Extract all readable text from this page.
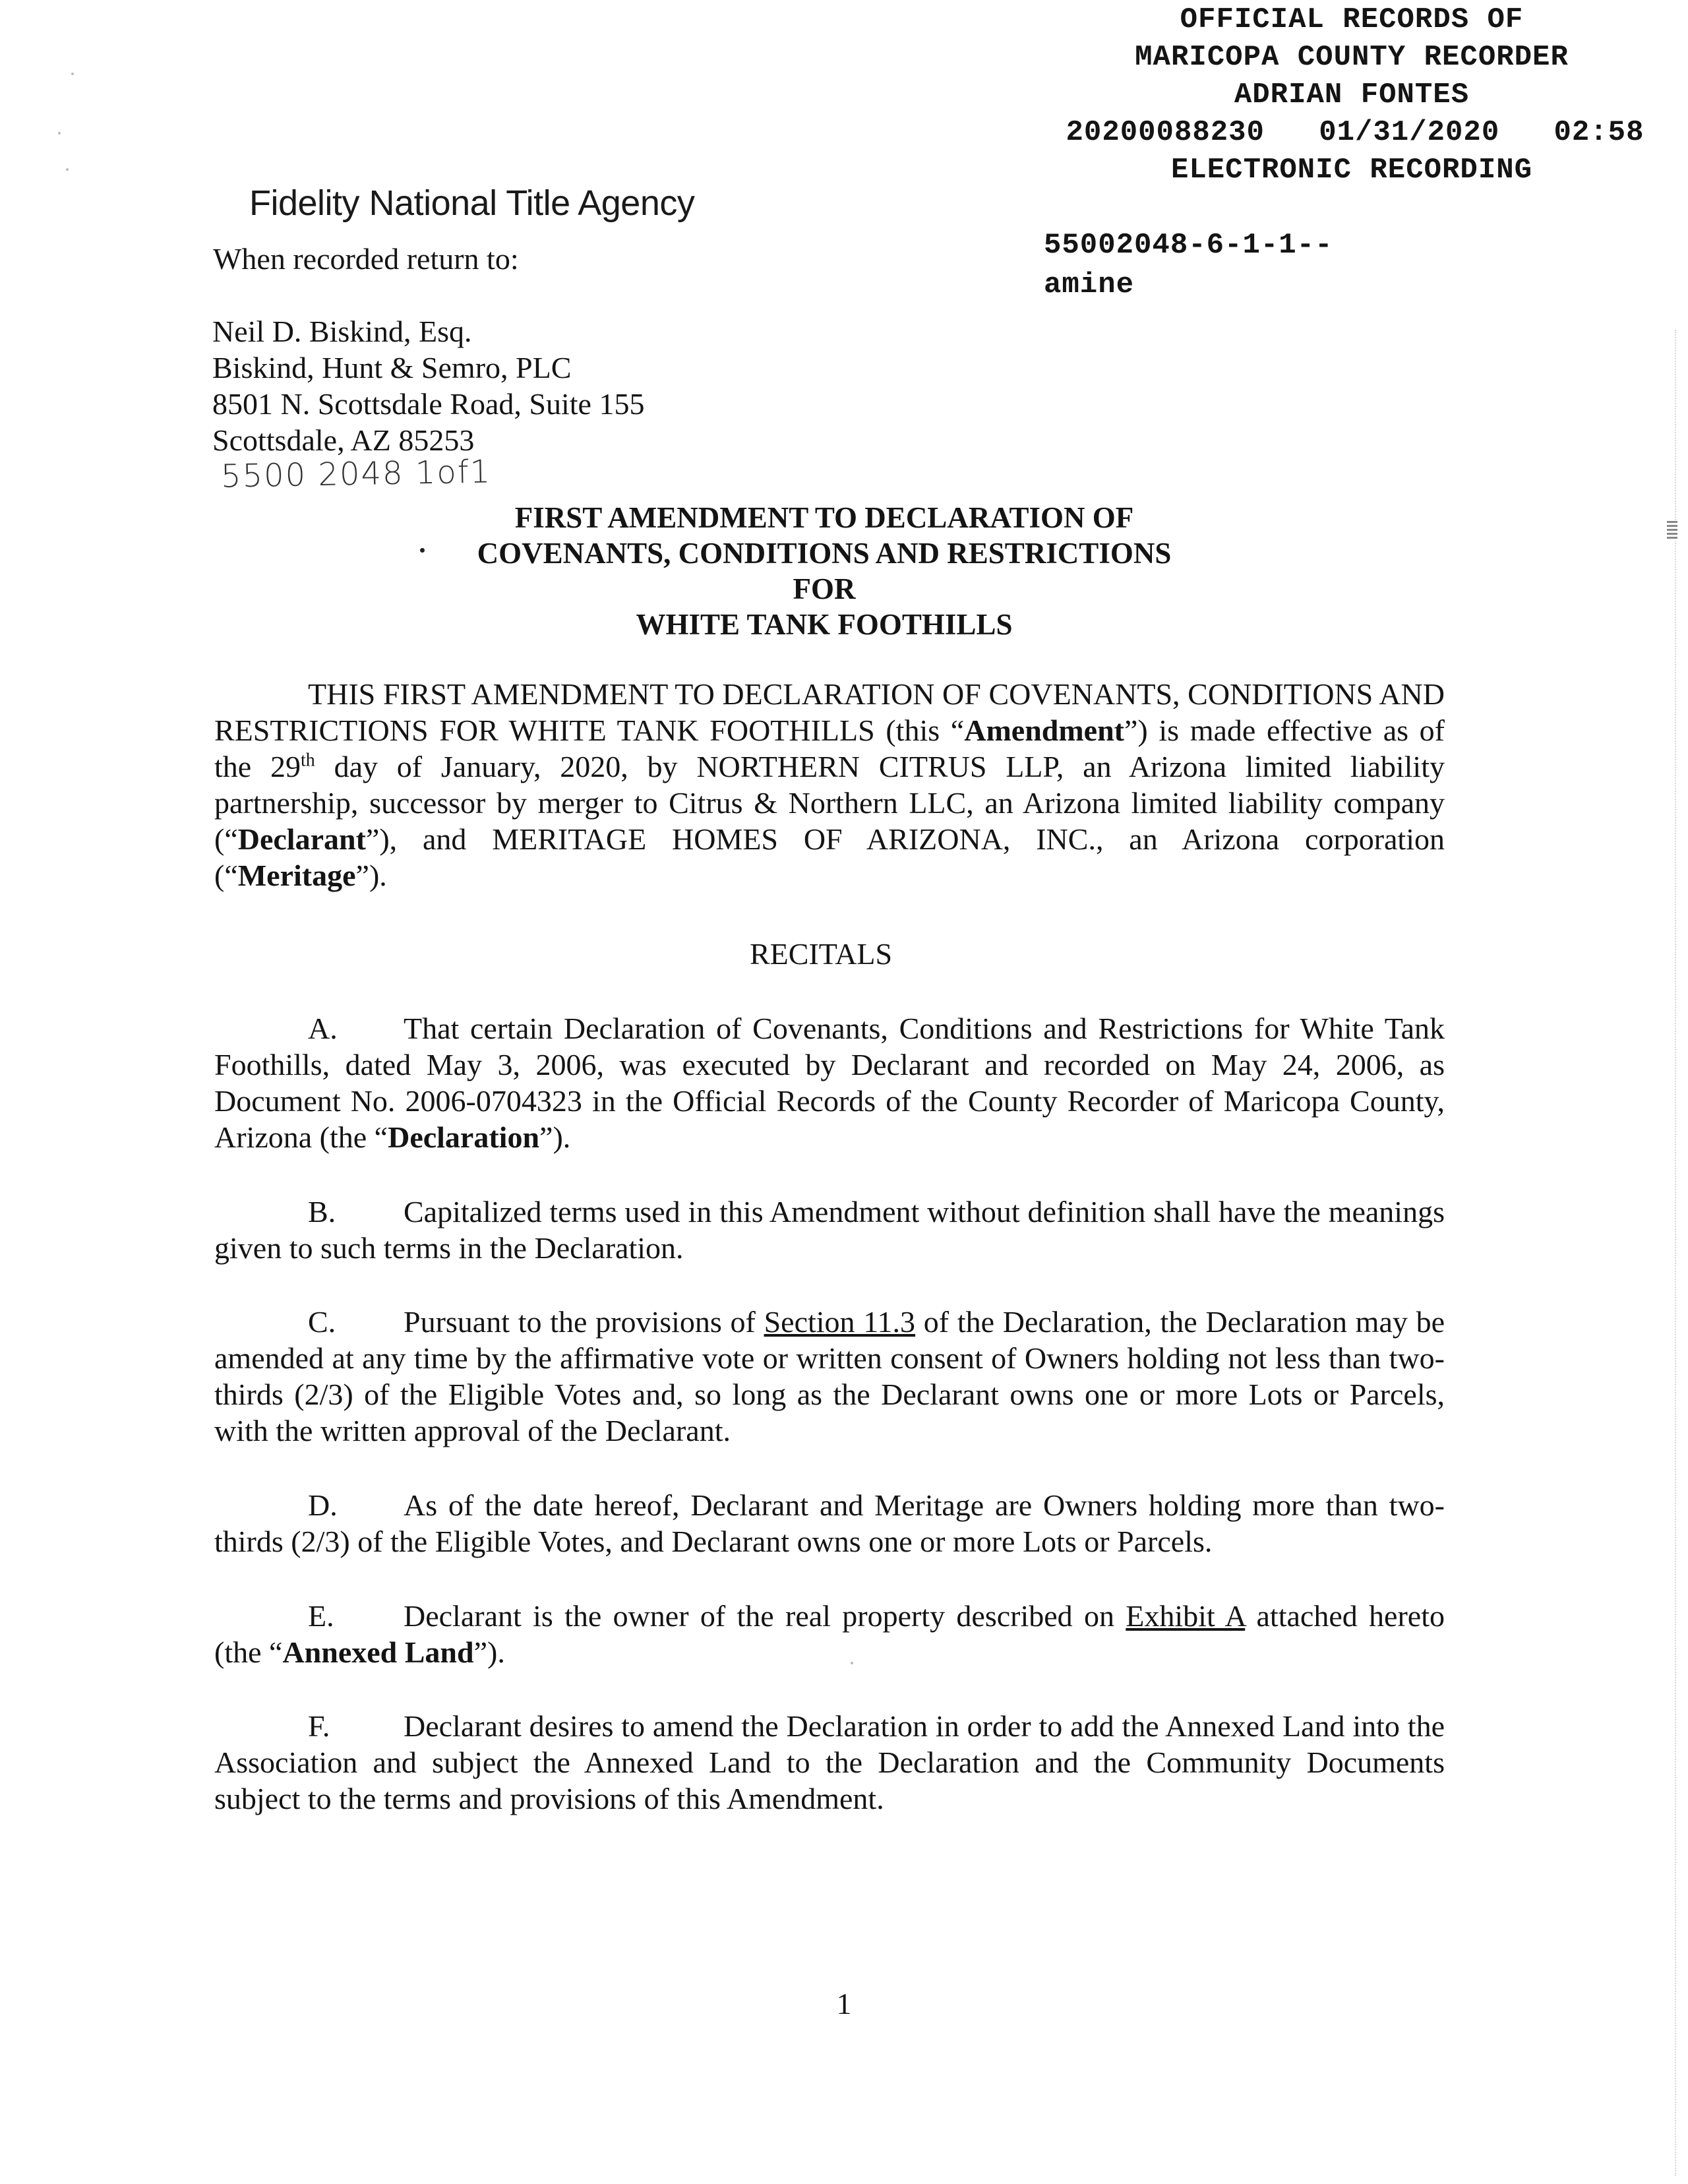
OFFICIAL RECORDS OF
MARICOPA COUNTY RECORDER
ADRIAN FONTES
20200088230 01/31/2020 02:58
ELECTRONIC RECORDING
55002048-6-1-1--
amine
Fidelity National Title Agency
When recorded return to:
Neil D. Biskind, Esq.
Biskind, Hunt & Semro, PLC
8501 N. Scottsdale Road, Suite 155
Scottsdale, AZ 85253
5500 2048 1of1
FIRST AMENDMENT TO DECLARATION OF
COVENANTS, CONDITIONS AND RESTRICTIONS
FOR
WHITE TANK FOOTHILLS

THIS FIRST AMENDMENT TO DECLARATION OF COVENANTS, CONDITIONS AND RESTRICTIONS FOR WHITE TANK FOOTHILLS (this “Amendment”) is made effective as of the 29th day of January, 2020, by NORTHERN CITRUS LLP, an Arizona limited liability partnership, successor by merger to Citrus & Northern LLC, an Arizona limited liability company (“Declarant”), and MERITAGE HOMES OF ARIZONA, INC., an Arizona corporation (“Meritage”).

RECITALS

A. That certain Declaration of Covenants, Conditions and Restrictions for White Tank Foothills, dated May 3, 2006, was executed by Declarant and recorded on May 24, 2006, as Document No. 2006-0704323 in the Official Records of the County Recorder of Maricopa County, Arizona (the “Declaration”).

B. Capitalized terms used in this Amendment without definition shall have the meanings given to such terms in the Declaration.

C. Pursuant to the provisions of Section 11.3 of the Declaration, the Declaration may be amended at any time by the affirmative vote or written consent of Owners holding not less than two-thirds (2/3) of the Eligible Votes and, so long as the Declarant owns one or more Lots or Parcels, with the written approval of the Declarant.

D. As of the date hereof, Declarant and Meritage are Owners holding more than two-thirds (2/3) of the Eligible Votes, and Declarant owns one or more Lots or Parcels.

E. Declarant is the owner of the real property described on Exhibit A attached hereto (the “Annexed Land”).

F. Declarant desires to amend the Declaration in order to add the Annexed Land into the Association and subject the Annexed Land to the Declaration and the Community Documents subject to the terms and provisions of this Amendment.

1
